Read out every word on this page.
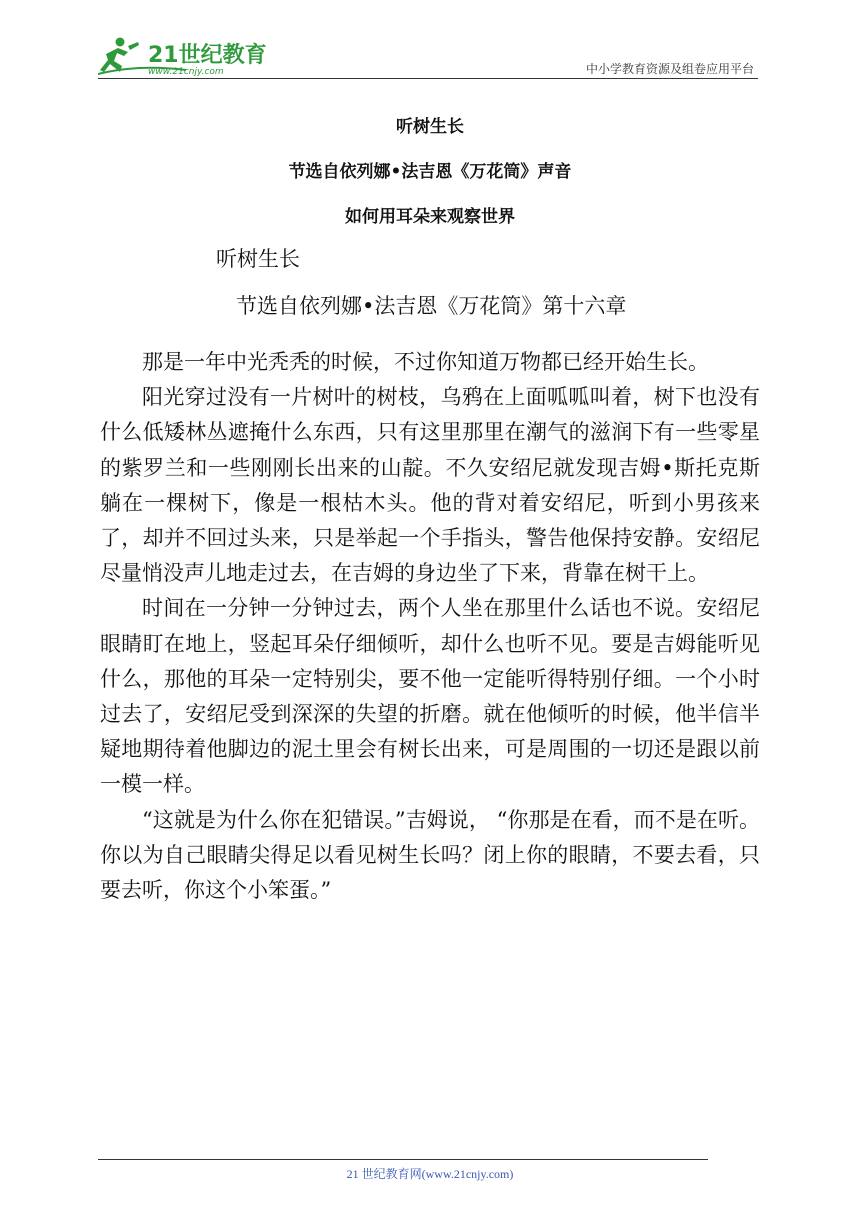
21世纪教育
www.21cnjy.com	中小学教育资源及组卷应用平台
听树生长
节选自依列娜•法吉恩《万花筒》声音
如何用耳朵来观察世界
听树生长
节选自依列娜•法吉恩《万花筒》第十六章

那是一年中光秃秃的时候，不过你知道万物都已经开始生长。

阳光穿过没有一片树叶的树枝，乌鸦在上面呱呱叫着，树下也没有什么低矮林丛遮掩什么东西，只有这里那里在潮气的滋润下有一些零星的紫罗兰和一些刚刚长出来的山靛。不久安绍尼就发现吉姆•斯托克斯躺在一棵树下，像是一根枯木头。他的背对着安绍尼，听到小男孩来了，却并不回过头来，只是举起一个手指头，警告他保持安静。安绍尼尽量悄没声儿地走过去，在吉姆的身边坐了下来，背靠在树干上。

时间在一分钟一分钟过去，两个人坐在那里什么话也不说。安绍尼眼睛盯在地上，竖起耳朵仔细倾听，却什么也听不见。要是吉姆能听见什么，那他的耳朵一定特别尖，要不他一定能听得特别仔细。一个小时过去了，安绍尼受到深深的失望的折磨。就在他倾听的时候，他半信半疑地期待着他脚边的泥土里会有树长出来，可是周围的一切还是跟以前一模一样。

“这就是为什么你在犯错误。”吉姆说， “你那是在看，而不是在听。你以为自己眼睛尖得足以看见树生长吗？闭上你的眼睛，不要去看，只要去听，你这个小笨蛋。”

21 世纪教育网(www.21cnjy.com)
